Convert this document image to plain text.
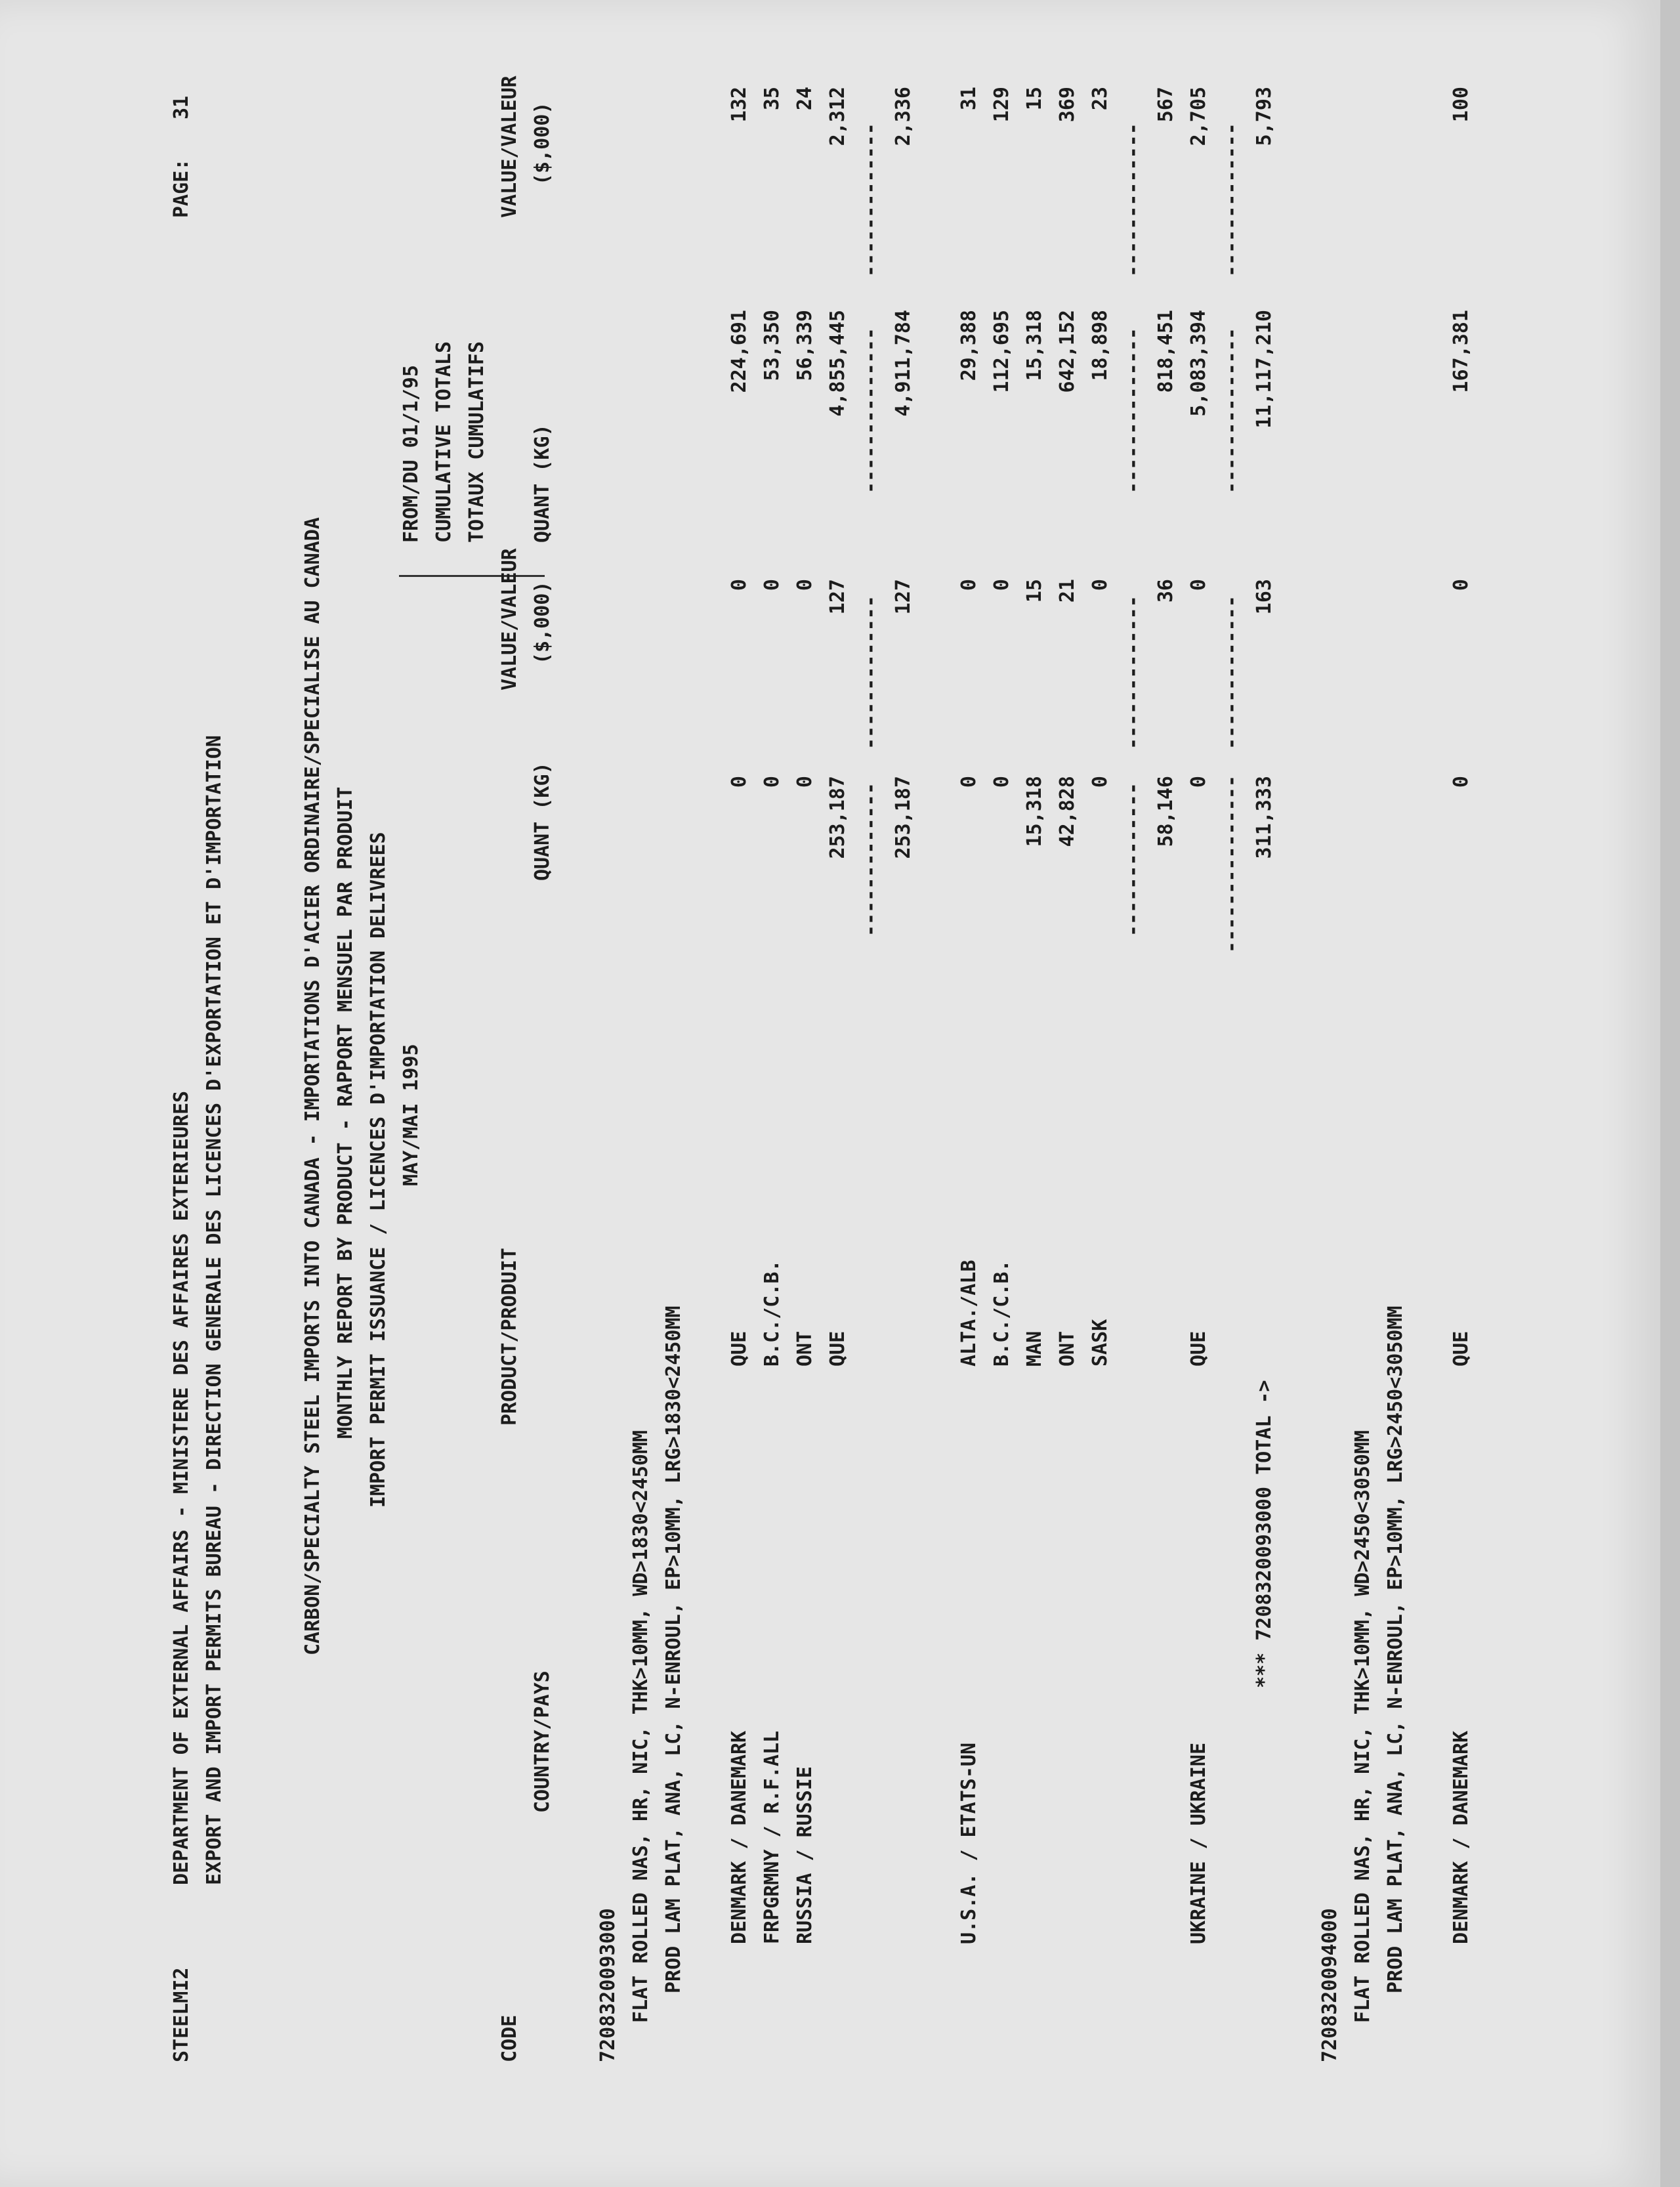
STEELMI2
DEPARTMENT OF EXTERNAL AFFAIRS - MINISTERE DES AFFAIRES EXTERIEURES EXPORT AND IMPORT PERMITS BUREAU - DIRECTION GENERALE DES LICENCES D'EXPORTATION ET D'IMPORTATION
PAGE:
31
CARBON/SPECIALTY STEEL IMPORTS INTO CANADA - IMPORTATIONS D'ACIER ORDINAIRE/SPECIALISE AU CANADA MONTHLY REPORT BY PRODUCT - RAPPORT MENSUEL PAR PRODUIT IMPORT PERMIT ISSUANCE / LICENCES D'IMPORTATION DELIVREES MAY/MAI 1995
FROM/DU 01/1/95 CUMULATIVE TOTALS TOTAUX CUMULATIFS
CODE
PRODUCT/PRODUIT
VALUE/VALEUR
VALUE/VALEUR
COUNTRY/PAYS
QUANT (KG)
($,000)
QUANT (KG)
($,000)
7208320093000 FLAT ROLLED NAS, HR, NIC, THK>10MM, WD>1830<2450MM PROD LAM PLAT, ANA, LC, N-ENROUL, EP>10MM, LRG>1830<2450MM DENMARK / DANEMARK
QUE
0
0
224,691
132
FRPGRMNY / R.F.ALL
B.C./C.B.
0
0
53,350
35
RUSSIA / RUSSIE
ONT
0
0
56,339
24
QUE
253,187
127
4,855,445
2,312
-------------
-------------
--------------
-------------
253,187
127
4,911,784
2,336
U.S.A. / ETATS-UN
ALTA./ALB
0
0
29,388
31
B.C./C.B.
0
0
112,695
129
MAN
15,318
15
15,318
15
ONT
42,828
21
642,152
369
SASK
0
0
18,898
23
-------------
-------------
--------------
-------------
58,146
36
818,451
567
UKRAINE / UKRAINE
QUE
0
0
5,083,394
2,705
---------------
-------------
--------------
-------------
*** 7208320093000 TOTAL ->
311,333
163
11,117,210
5,793
7208320094000 FLAT ROLLED NAS, HR, NIC, THK>10MM, WD>2450<3050MM PROD LAM PLAT, ANA, LC, N-ENROUL, EP>10MM, LRG>2450<3050MM DENMARK / DANEMARK
QUE
0
0
167,381
100
